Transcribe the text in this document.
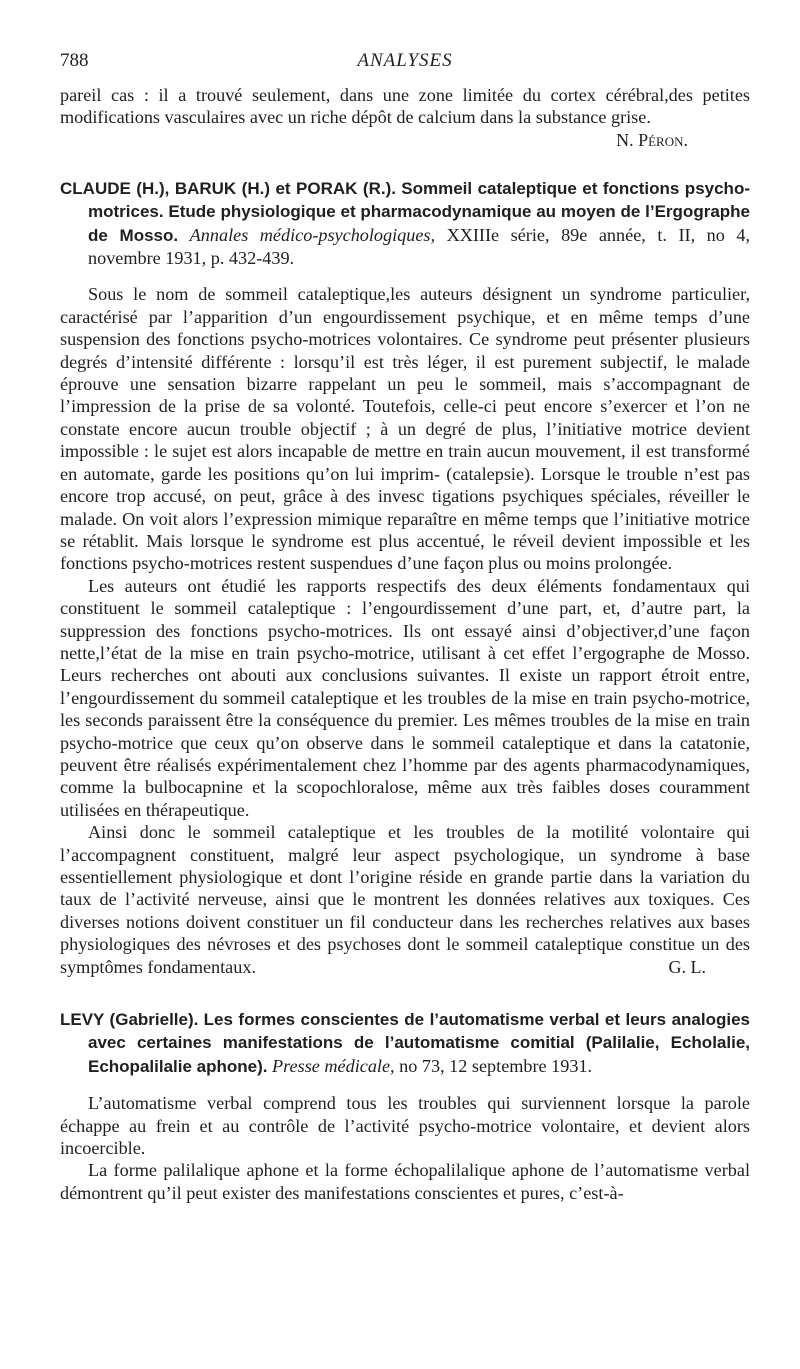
788	ANALYSES

pareil cas : il a trouvé seulement, dans une zone limitée du cortex cérébral,des petites modifications vasculaires avec un riche dépôt de calcium dans la substance grise.

N. Péron.

CLAUDE (H.), BARUK (H.) et PORAK (R.). Sommeil cataleptique et fonctions psycho-motrices. Etude physiologique et pharmacodynamique au moyen de l’Ergographe de Mosso. Annales médico-psychologiques, XXIIIe série, 89e année, t. II, no 4, novembre 1931, p. 432-439.

Sous le nom de sommeil cataleptique,les auteurs désignent un syndrome particulier, caractérisé par l’apparition d’un engourdissement psychique, et en même temps d’une suspension des fonctions psycho-motrices volontaires. Ce syndrome peut présenter plusieurs degrés d’intensité différente : lorsqu’il est très léger, il est purement subjectif, le malade éprouve une sensation bizarre rappelant un peu le sommeil, mais s’accompagnant de l’impression de la prise de sa volonté. Toutefois, celle-ci peut encore s’exercer et l’on ne constate encore aucun trouble objectif ; à un degré de plus, l’initiative motrice devient impossible : le sujet est alors incapable de mettre en train aucun mouvement, il est transformé en automate, garde les positions qu’on lui imprim- (catalepsie). Lorsque le trouble n’est pas encore trop accusé, on peut, grâce à des invesc tigations psychiques spéciales, réveiller le malade. On voit alors l’expression mimique reparaître en même temps que l’initiative motrice se rétablit. Mais lorsque le syndrome est plus accentué, le réveil devient impossible et les fonctions psycho-motrices restent suspendues d’une façon plus ou moins prolongée.

Les auteurs ont étudié les rapports respectifs des deux éléments fondamentaux qui constituent le sommeil cataleptique : l’engourdissement d’une part, et, d’autre part, la suppression des fonctions psycho-motrices. Ils ont essayé ainsi d’objectiver,d’une façon nette,l’état de la mise en train psycho-motrice, utilisant à cet effet l’ergographe de Mosso. Leurs recherches ont abouti aux conclusions suivantes. Il existe un rapport étroit entre, l’engourdissement du sommeil cataleptique et les troubles de la mise en train psycho-motrice, les seconds paraissent être la conséquence du premier. Les mêmes troubles de la mise en train psycho-motrice que ceux qu’on observe dans le sommeil cataleptique et dans la catatonie, peuvent être réalisés expérimentalement chez l’homme par des agents pharmacodynamiques, comme la bulbocapnine et la scopochloralose, même aux très faibles doses couramment utilisées en thérapeutique.

Ainsi donc le sommeil cataleptique et les troubles de la motilité volontaire qui l’accompagnent constituent, malgré leur aspect psychologique, un syndrome à base essentiellement physiologique et dont l’origine réside en grande partie dans la variation du taux de l’activité nerveuse, ainsi que le montrent les données relatives aux toxiques. Ces diverses notions doivent constituer un fil conducteur dans les recherches relatives aux bases physiologiques des névroses et des psychoses dont le sommeil cataleptique constitue un des symptômes fondamentaux.	G. L.

LEVY (Gabrielle). Les formes conscientes de l’automatisme verbal et leurs analogies avec certaines manifestations de l’automatisme comitial (Palilalie, Echolalie, Echopalilalie aphone). Presse médicale, no 73, 12 septembre 1931.

L’automatisme verbal comprend tous les troubles qui surviennent lorsque la parole échappe au frein et au contrôle de l’activité psycho-motrice volontaire, et devient alors incoercible.

La forme palilalique aphone et la forme échopalilalique aphone de l’automatisme verbal démontrent qu’il peut exister des manifestations conscientes et pures, c’est-à-
